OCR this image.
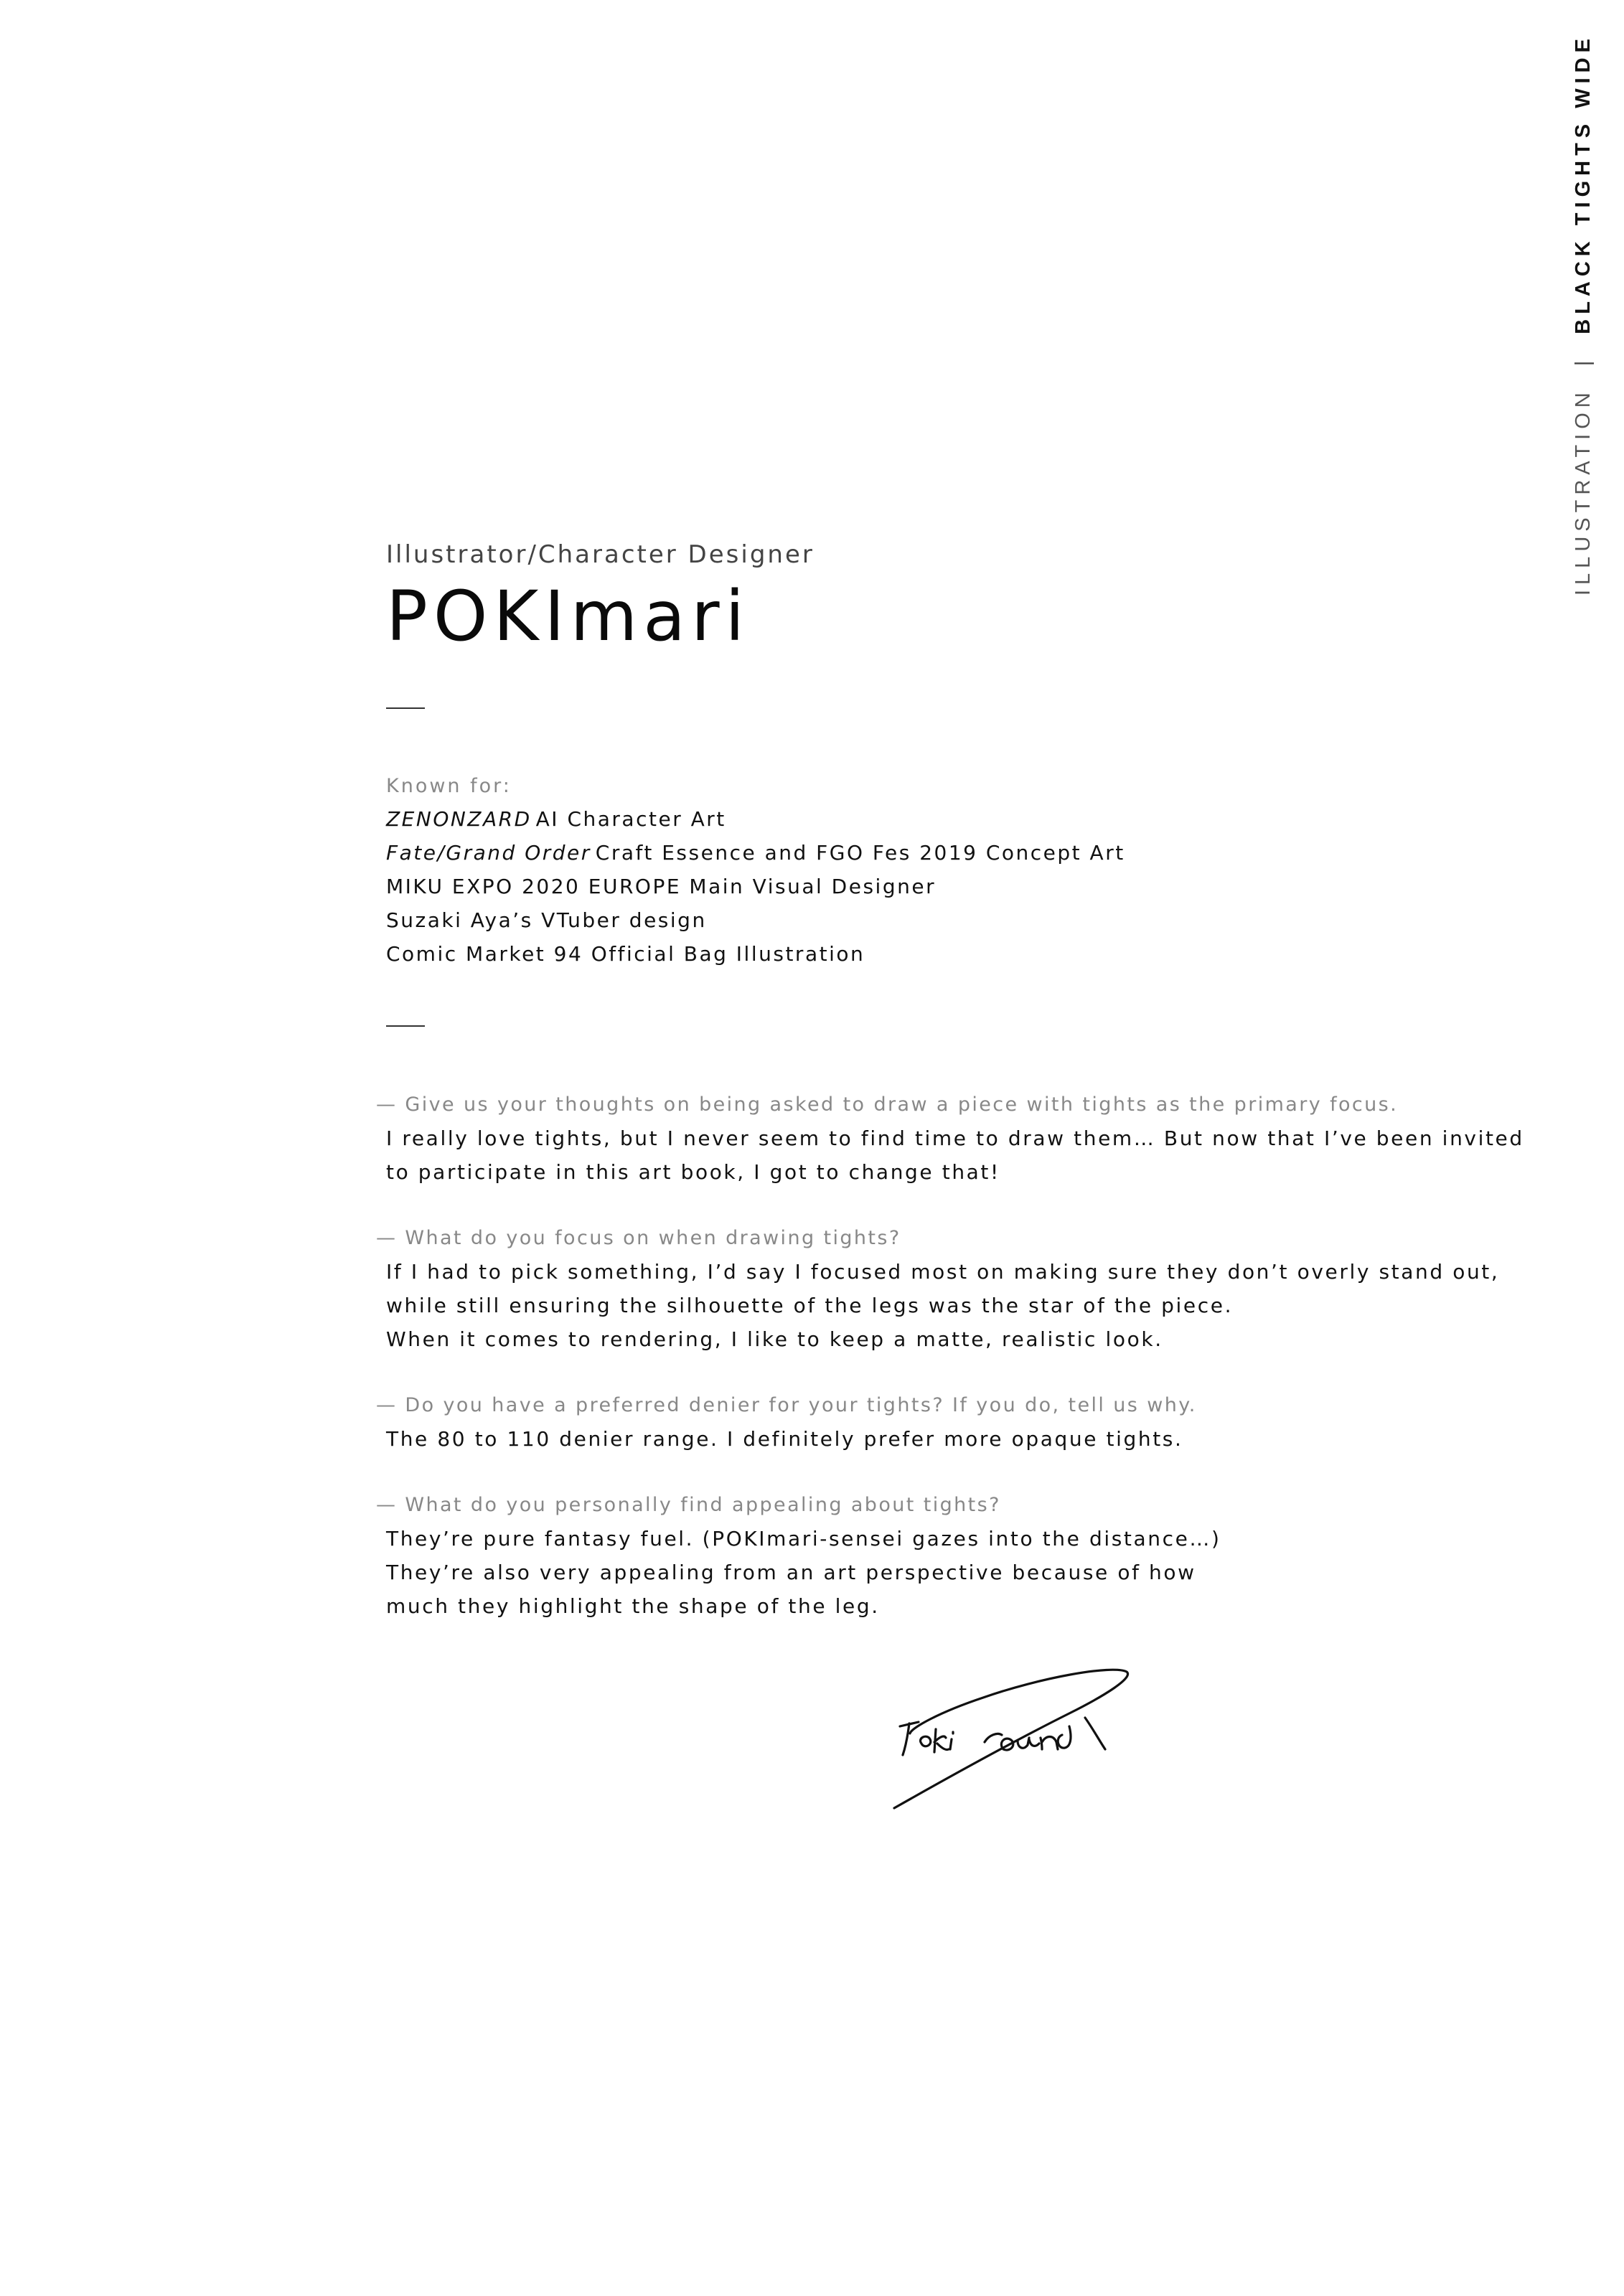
ILLUSTRATION|BLACK TIGHTS WIDE
Illustrator/Character Designer
POKImari
Known for:
ZENONZARD AI Character Art
Fate/Grand Order Craft Essence and FGO Fes 2019 Concept Art
MIKU EXPO 2020 EUROPE Main Visual Designer
Suzaki Aya’s VTuber design
Comic Market 94 Official Bag Illustration
— Give us your thoughts on being asked to draw a piece with tights as the primary focus.
I really love tights, but I never seem to find time to draw them… But now that I’ve been invited
to participate in this art book, I got to change that!
— What do you focus on when drawing tights?
If I had to pick something, I’d say I focused most on making sure they don’t overly stand out,
while still ensuring the silhouette of the legs was the star of the piece.
When it comes to rendering, I like to keep a matte, realistic look.
— Do you have a preferred denier for your tights? If you do, tell us why.
The 80 to 110 denier range. I definitely prefer more opaque tights.
— What do you personally find appealing about tights?
They’re pure fantasy fuel. (POKImari-sensei gazes into the distance…)
They’re also very appealing from an art perspective because of how
much they highlight the shape of the leg.
